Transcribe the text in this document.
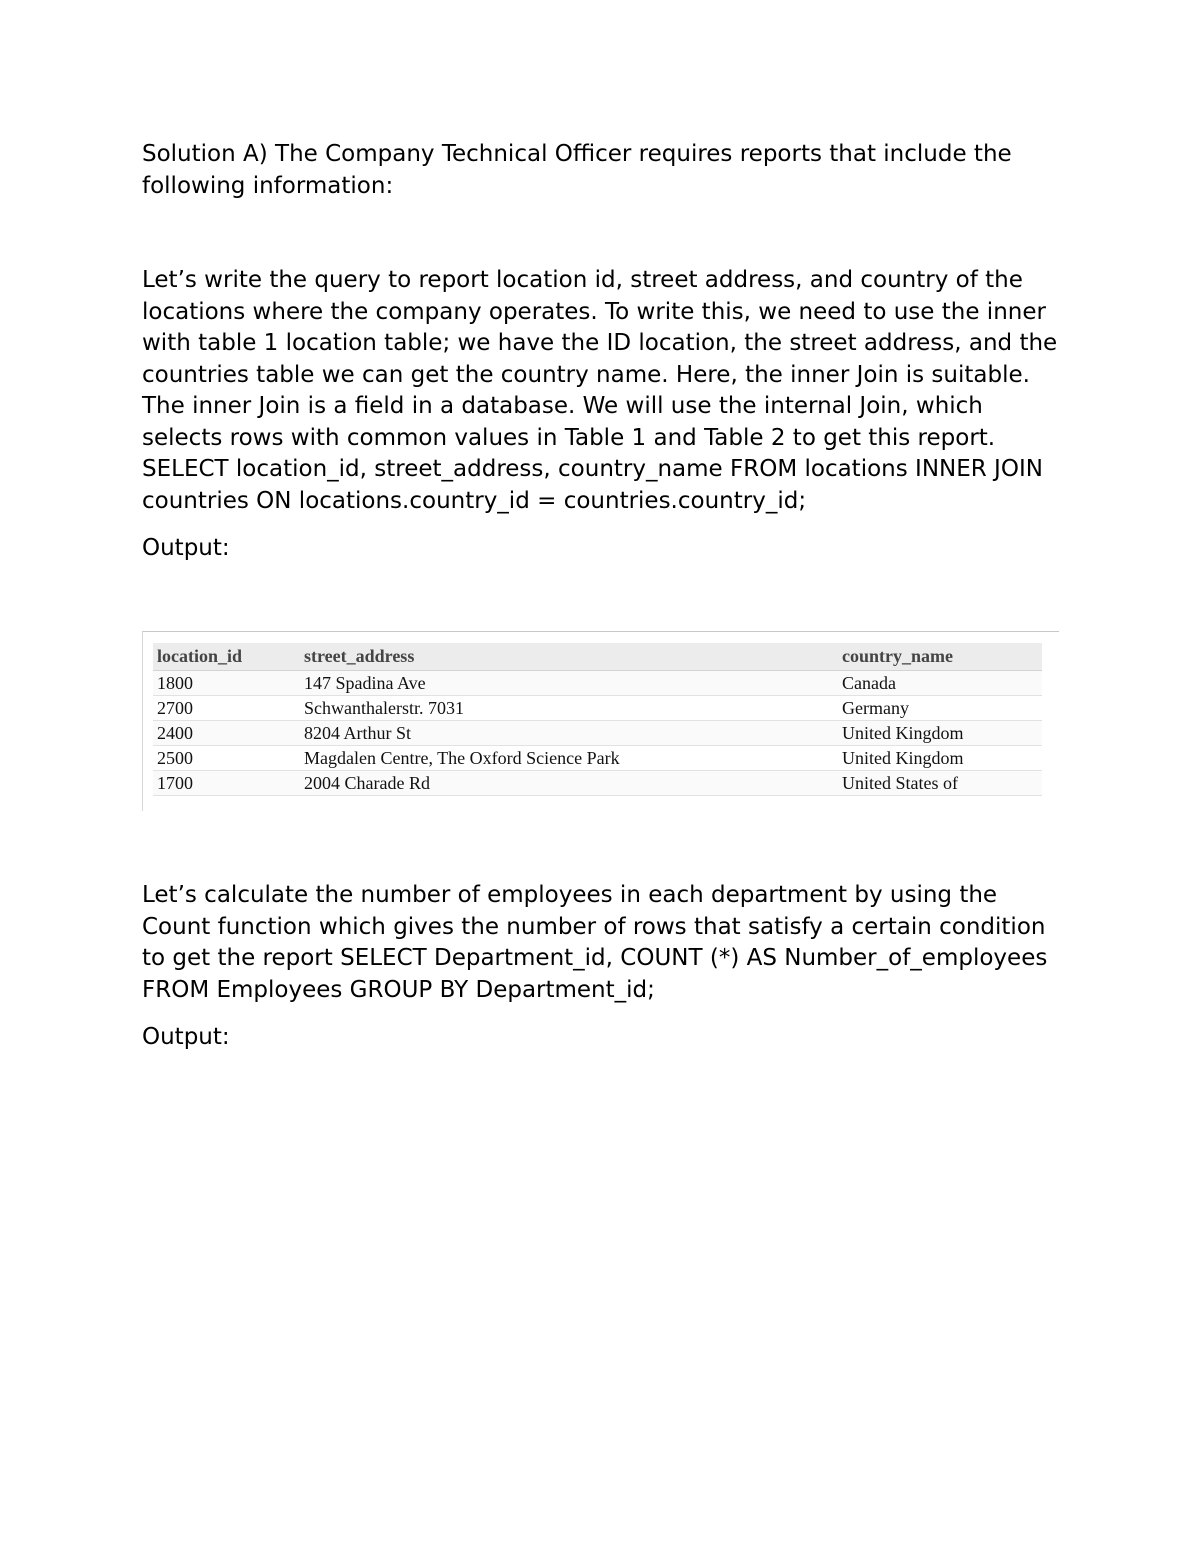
Solution A) The Company Technical Officer requires reports that include the following information:

Let’s write the query to report location id, street address, and country of the locations where the company operates. To write this, we need to use the inner with table 1 location table; we have the ID location, the street address, and the countries table we can get the country name. Here, the inner Join is suitable. The inner Join is a field in a database. We will use the internal Join, which selects rows with common values in Table 1 and Table 2 to get this report. SELECT location_id, street_address, country_name FROM locations INNER JOIN countries ON locations.country_id = countries.country_id;

Output:

location_id	street_address	country_name
1800	147 Spadina Ave	Canada
2700	Schwanthalerstr. 7031	Germany
2400	8204 Arthur St	United Kingdom
2500	Magdalen Centre, The Oxford Science Park	United Kingdom
1700	2004 Charade Rd	United States of

Let’s calculate the number of employees in each department by using the Count function which gives the number of rows that satisfy a certain condition to get the report SELECT Department_id, COUNT (*) AS Number_of_employees FROM Employees GROUP BY Department_id;

Output:
